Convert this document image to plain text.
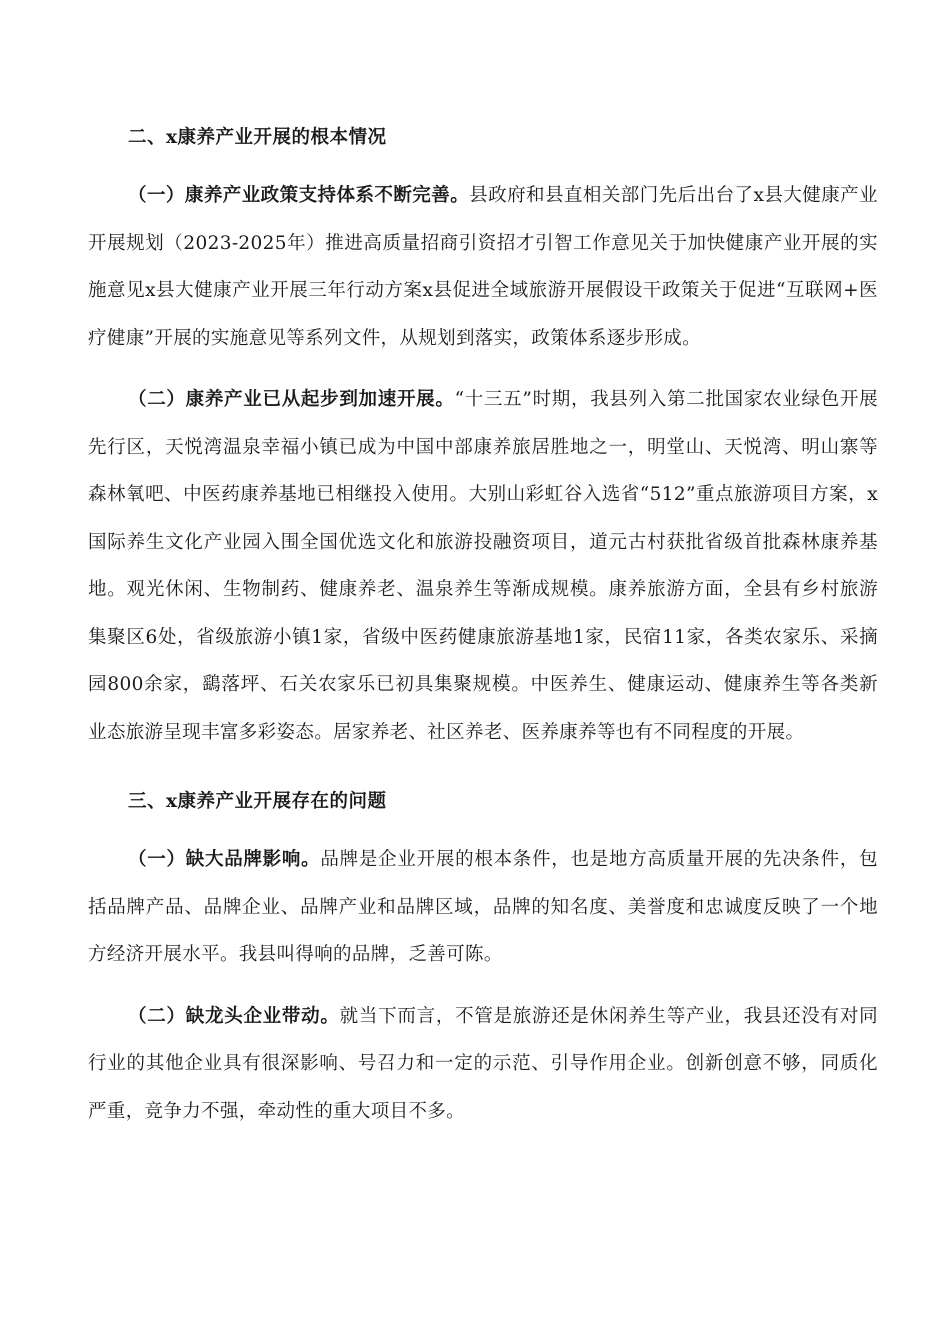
二、x康养产业开展的根本情况

（一）康养产业政策支持体系不断完善。县政府和县直相关部门先后出台了x县大健康产业开展规划（2023-2025年）推进高质量招商引资招才引智工作意见关于加快健康产业开展的实施意见x县大健康产业开展三年行动方案x县促进全域旅游开展假设干政策关于促进“互联网+医疗健康”开展的实施意见等系列文件，从规划到落实，政策体系逐步形成。

（二）康养产业已从起步到加速开展。“十三五”时期，我县列入第二批国家农业绿色开展先行区，天悦湾温泉幸福小镇已成为中国中部康养旅居胜地之一，明堂山、天悦湾、明山寨等森林氧吧、中医药康养基地已相继投入使用。大别山彩虹谷入选省“512”重点旅游项目方案，x国际养生文化产业园入围全国优选文化和旅游投融资项目，道元古村获批省级首批森林康养基地。观光休闲、生物制药、健康养老、温泉养生等渐成规模。康养旅游方面，全县有乡村旅游集聚区6处，省级旅游小镇1家，省级中医药健康旅游基地1家，民宿11家，各类农家乐、采摘园800余家，鷂落坪、石关农家乐已初具集聚规模。中医养生、健康运动、健康养生等各类新业态旅游呈现丰富多彩姿态。居家养老、社区养老、医养康养等也有不同程度的开展。

三、x康养产业开展存在的问题

（一）缺大品牌影响。品牌是企业开展的根本条件，也是地方高质量开展的先决条件，包括品牌产品、品牌企业、品牌产业和品牌区域，品牌的知名度、美誉度和忠诚度反映了一个地方经济开展水平。我县叫得响的品牌，乏善可陈。

（二）缺龙头企业带动。就当下而言，不管是旅游还是休闲养生等产业，我县还没有对同行业的其他企业具有很深影响、号召力和一定的示范、引导作用企业。创新创意不够，同质化严重，竞争力不强，牵动性的重大项目不多。
